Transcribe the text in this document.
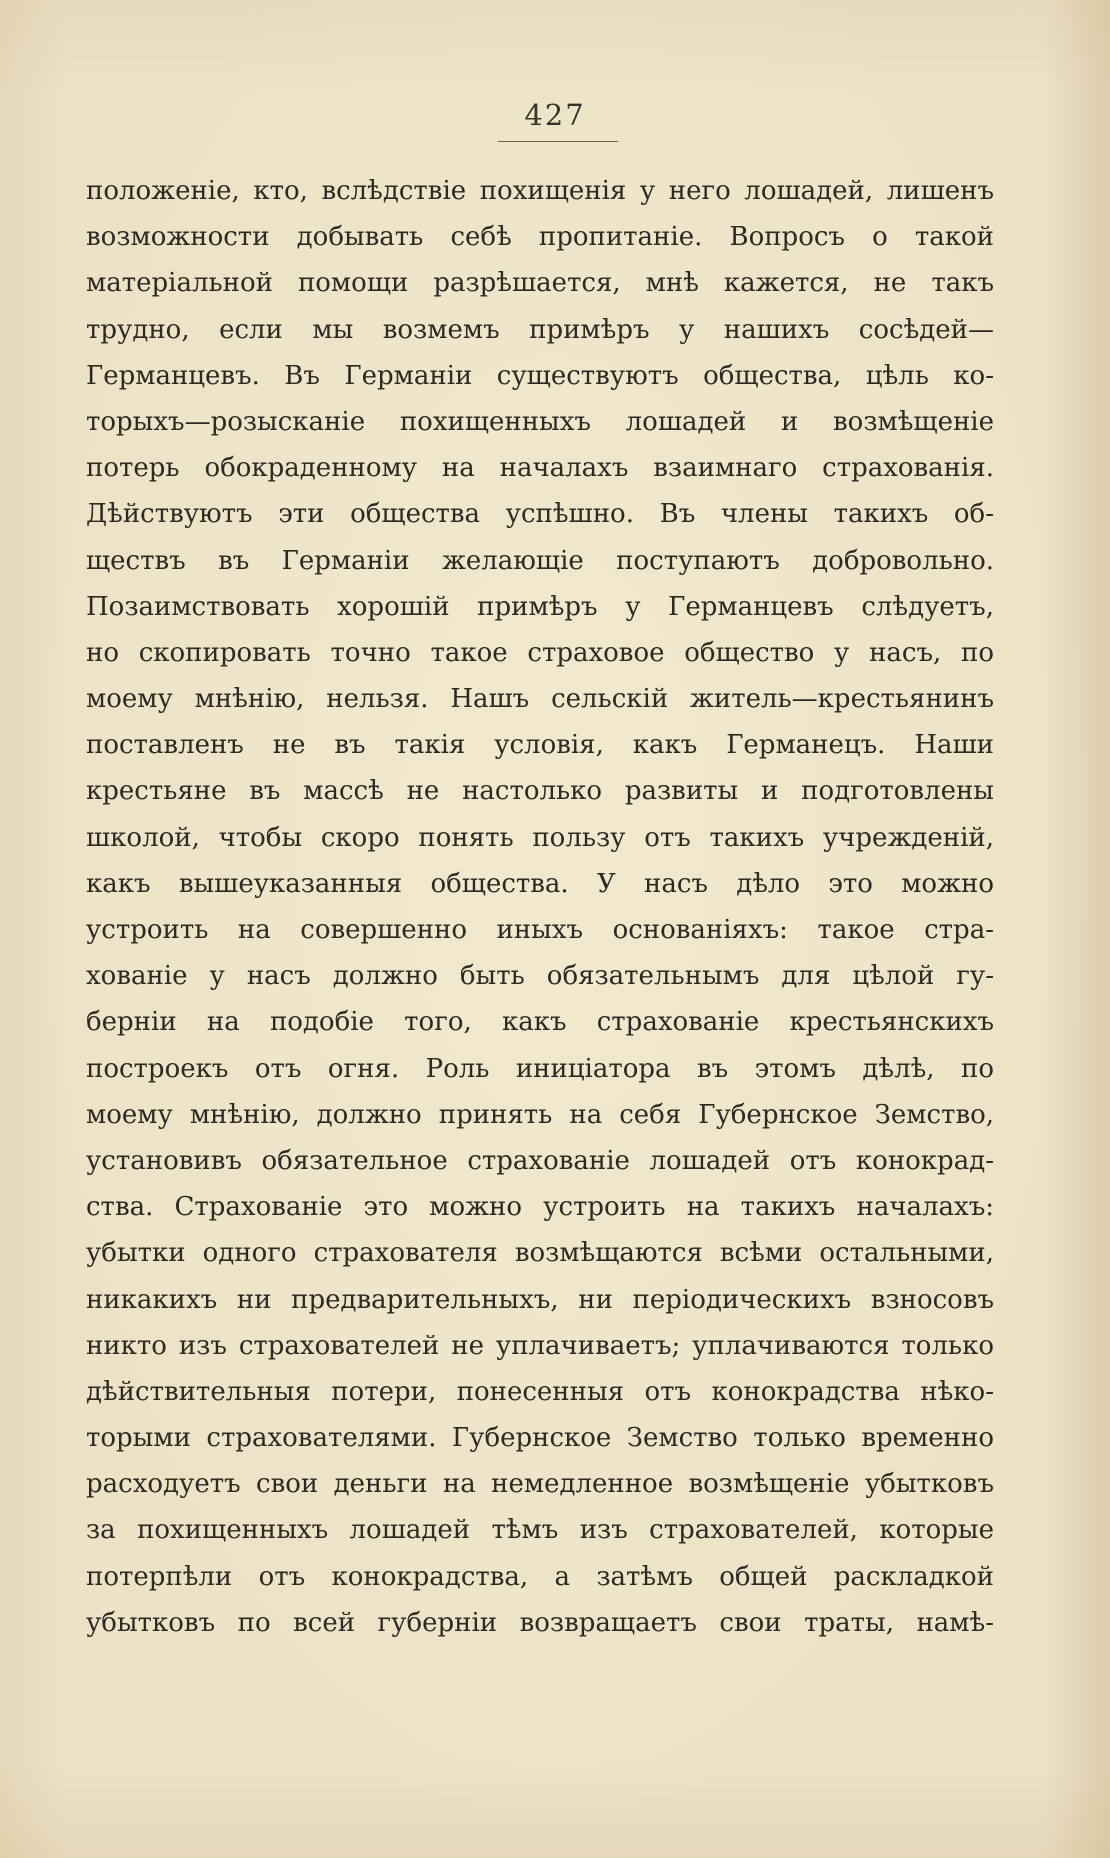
427
положеніе, кто, вслѣдствіе похищенія у него лошадей, лишенъ
возможности добывать себѣ пропитаніе. Вопросъ о такой
матеріальной помощи разрѣшается, мнѣ кажется, не такъ
трудно, если мы возмемъ примѣръ у нашихъ сосѣдей—
Германцевъ. Въ Германіи существуютъ общества, цѣль ко-
торыхъ—розысканіе похищенныхъ лошадей и возмѣщеніе
потерь обокраденному на началахъ взаимнаго страхованія.
Дѣйствуютъ эти общества успѣшно. Въ члены такихъ об-
ществъ въ Германіи желающіе поступаютъ добровольно.
Позаимствовать хорошій примѣръ у Германцевъ слѣдуетъ,
но скопировать точно такое страховое общество у насъ, по
моему мнѣнію, нельзя. Нашъ сельскій житель—крестьянинъ
поставленъ не въ такія условія, какъ Германецъ. Наши
крестьяне въ массѣ не настолько развиты и подготовлены
школой, чтобы скоро понять пользу отъ такихъ учрежденій,
какъ вышеуказанныя общества. У насъ дѣло это можно
устроить на совершенно иныхъ основаніяхъ: такое стра-
хованіе у насъ должно быть обязательнымъ для цѣлой гу-
берніи на подобіе того, какъ страхованіе крестьянскихъ
построекъ отъ огня. Роль иниціатора въ этомъ дѣлѣ, по
моему мнѣнію, должно принять на себя Губернское Земство,
установивъ обязательное страхованіе лошадей отъ конокрад-
ства. Страхованіе это можно устроить на такихъ началахъ:
убытки одного страхователя возмѣщаются всѣми остальными,
никакихъ ни предварительныхъ, ни періодическихъ взносовъ
никто изъ страхователей не уплачиваетъ; уплачиваются только
дѣйствительныя потери, понесенныя отъ конокрадства нѣко-
торыми страхователями. Губернское Земство только временно
расходуетъ свои деньги на немедленное возмѣщеніе убытковъ
за похищенныхъ лошадей тѣмъ изъ страхователей, которые
потерпѣли отъ конокрадства, а затѣмъ общей раскладкой
убытковъ по всей губерніи возвращаетъ свои траты, намѣ-
